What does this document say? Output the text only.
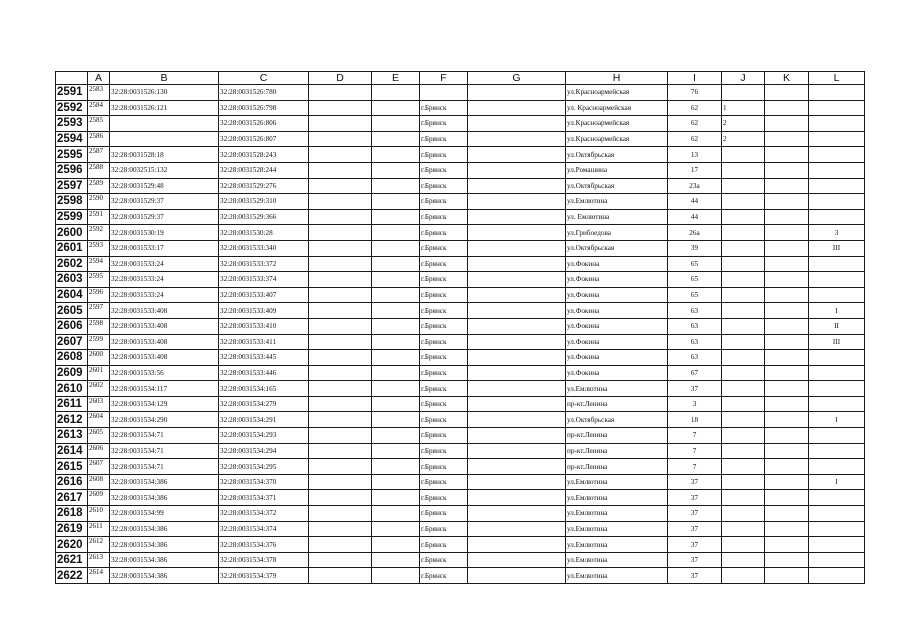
	A	B	C	D	E	F	G	H	I	J	K	L
2591	2583	32:28:0031526:130	32:28:0031526:780					ул.Красноармейская	76			
2592	2584	32:28:0031526:121	32:28:0031526:798			г.Брянск		ул. Красноармейская	62	1		
2593	2585		32:28:0031526:806			г.Брянск		ул.Красноармейская	62	2		
2594	2586		32:28:0031526:807			г.Брянск		ул.Красноармейская	62	2		
2595	2587	32:28:0031528:18	32:28:0031528:243			г.Брянск		ул.Октябрьская	13			
2596	2588	32:28:0032515:132	32:28:0031528:244			г.Брянск		ул.Ромашина	17			
2597	2589	32:28:0031529:48	32:28:0031529:276			г.Брянск		ул.Октябрьская	23а			
2598	2590	32:28:0031529:37	32:28:0031529:310			г.Брянск		ул.Емлютина	44			
2599	2591	32:28:0031529:37	32:28:0031529:366			г.Брянск		ул. Емлютина	44			
2600	2592	32:28:0031530:19	32:28:0031530:28			г.Брянск		ул.Грибоедова	26а			3
2601	2593	32:28:0031533:17	32:28:0031533:340			г.Брянск		ул.Октябрьская	39			III
2602	2594	32:28:0031533:24	32:28:0031533:372			г.Брянск		ул.Фокина	65			
2603	2595	32:28:0031533:24	32:28:0031533:374			г.Брянск		ул.Фокина	65			
2604	2596	32:28:0031533:24	32:28:0031533:407			г.Брянск		ул.Фокина	65			
2605	2597	32:28:0031533:408	32:28:0031533:409			г.Брянск		ул.Фокина	63			I
2606	2598	32:28:0031533:408	32:28:0031533:410			г.Брянск		ул.Фокина	63			II
2607	2599	32:28:0031533:408	32:28:0031533:411			г.Брянск		ул.Фокина	63			III
2608	2600	32:28:0031533:408	32:28:0031533:445			г.Брянск		ул.Фокина	63			
2609	2601	32:28:0031533:56	32:28:0031533:446			г.Брянск		ул.Фокина	67			
2610	2602	32:28:0031534:117	32:28:0031534:165			г.Брянск		ул.Емлютина	37			
2611	2603	32:28:0031534:129	32:28:0031534:279			г.Брянск		пр-кт.Ленина	3			
2612	2604	32:28:0031534:290	32:28:0031534:291			г.Брянск		ул.Октябрьская	18			I
2613	2605	32:28:0031534:71	32:28:0031534:293			г.Брянск		пр-кт.Ленина	7			
2614	2606	32:28:0031534:71	32:28:0031534:294			г.Брянск		пр-кт.Ленина	7			
2615	2607	32:28:0031534:71	32:28:0031534:295			г.Брянск		пр-кт.Ленина	7			
2616	2608	32:28:0031534:386	32:28:0031534:370			г.Брянск		ул.Емлютина	37			I
2617	2609	32:28:0031534:386	32:28:0031534:371			г.Брянск		ул.Емлютина	37			
2618	2610	32:28:0031534:99	32:28:0031534:372			г.Брянск		ул.Емлютина	37			
2619	2611	32:28:0031534:386	32:28:0031534:374			г.Брянск		ул.Емлютина	37			
2620	2612	32:28:0031534:386	32:28:0031534:376			г.Брянск		ул.Емлютина	37			
2621	2613	32:28:0031534:386	32:28:0031534:378			г.Брянск		ул.Емлютина	37			
2622	2614	32:28:0031534:386	32:28:0031534:379			г.Брянск		ул.Емлютина	37			
